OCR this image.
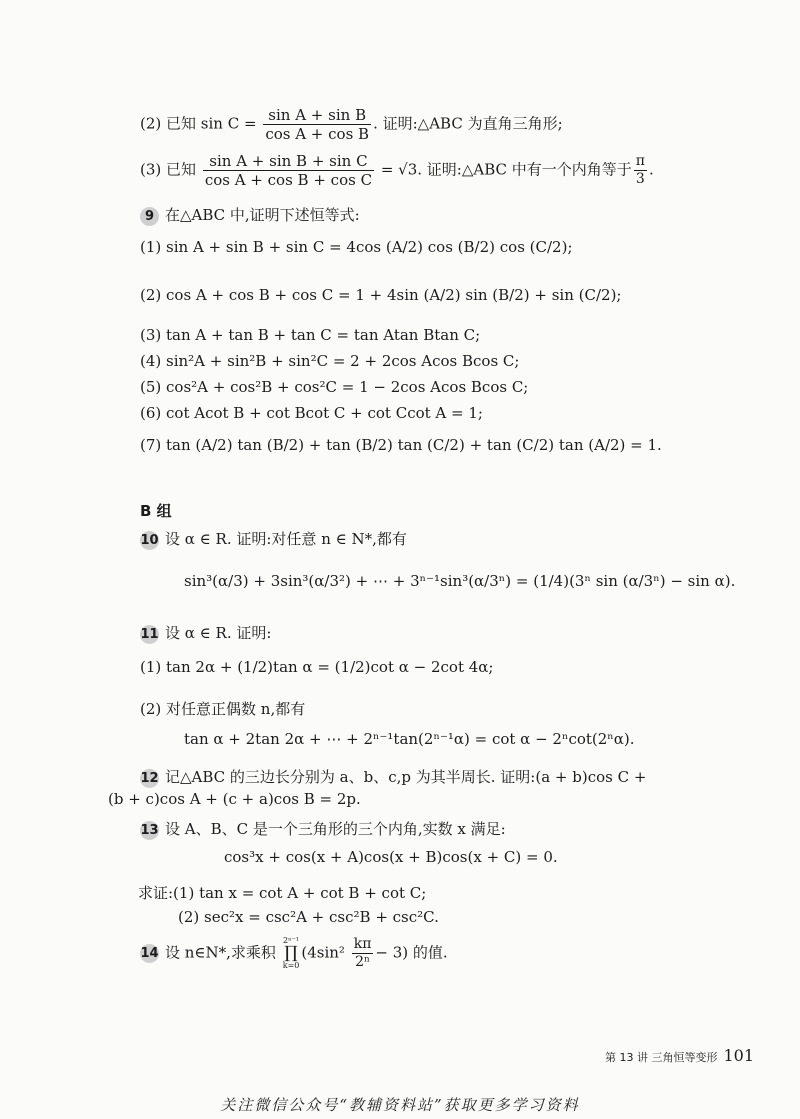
(2) 已知 $\sin C = \frac{\text{sin A + sin B}}{\text{cos A + cos B}}$ . 证明:△ABC 为直角三角形;
(3) 已知 $\frac{\text{sin A + sin B + sin C}}{\text{cos A + cos B + cos C}} = √3$. 证明:△ABC 中有一个内角等于 $\frac{\pi}{3}$ .
9 在△ABC 中,证明下述恒等式:
(1) sin A + sin B + sin C = 4cos (A/2) cos (B/2) cos (C/2);
(2) cos A + cos B + cos C = 1 + 4sin (A/2) sin (B/2) + sin (C/2);
(3) tan A + tan B + tan C = tan Atan Btan C;
(4) sin²A + sin²B + sin²C = 2 + 2cos Acos Bcos C;
(5) cos²A + cos²B + cos²C = 1 − 2cos Acos Bcos C;
(6) cot Acot B + cot Bcot C + cot Ccot A = 1;
(7) tan (A/2) tan (B/2) + tan (B/2) tan (C/2) + tan (C/2) tan (A/2) = 1.
B 组
10 设 α ∈ R. 证明:对任意 n ∈ N*,都有
sin³(α/3) + 3sin³(α/3²) + ⋯ + 3ⁿ⁻¹sin³(α/3ⁿ) = (1/4)(3ⁿ sin (α/3ⁿ) − sin α).
11 设 α ∈ R. 证明:
(1) tan 2α + (1/2)tan α = (1/2)cot α − 2cot 4α;
(2) 对任意正偶数 n,都有
tan α + 2tan 2α + ⋯ + 2ⁿ⁻¹tan(2ⁿ⁻¹α) = cot α − 2ⁿcot(2ⁿα).
12 记△ABC 的三边长分别为 a、b、c,p 为其半周长. 证明:(a + b)cos C +
(b + c)cos A + (c + a)cos B = 2p.
13 设 A、B、C 是一个三角形的三个内角,实数 x 满足:
cos³x + cos(x + A)cos(x + B)cos(x + C) = 0.
求证:(1) tan x = cot A + cot B + cot C;
(2) sec²x = csc²A + csc²B + csc²C.
14 设 n∈N*,求乘积 2ⁿ⁻¹
∏
$k=0(4\sin^2 \frac{k\pi}{\text{2ⁿ}} - 3)$ 的值.
第 13 讲 三角恒等变形 101
关注微信公众号“教辅资料站”获取更多学习资料
